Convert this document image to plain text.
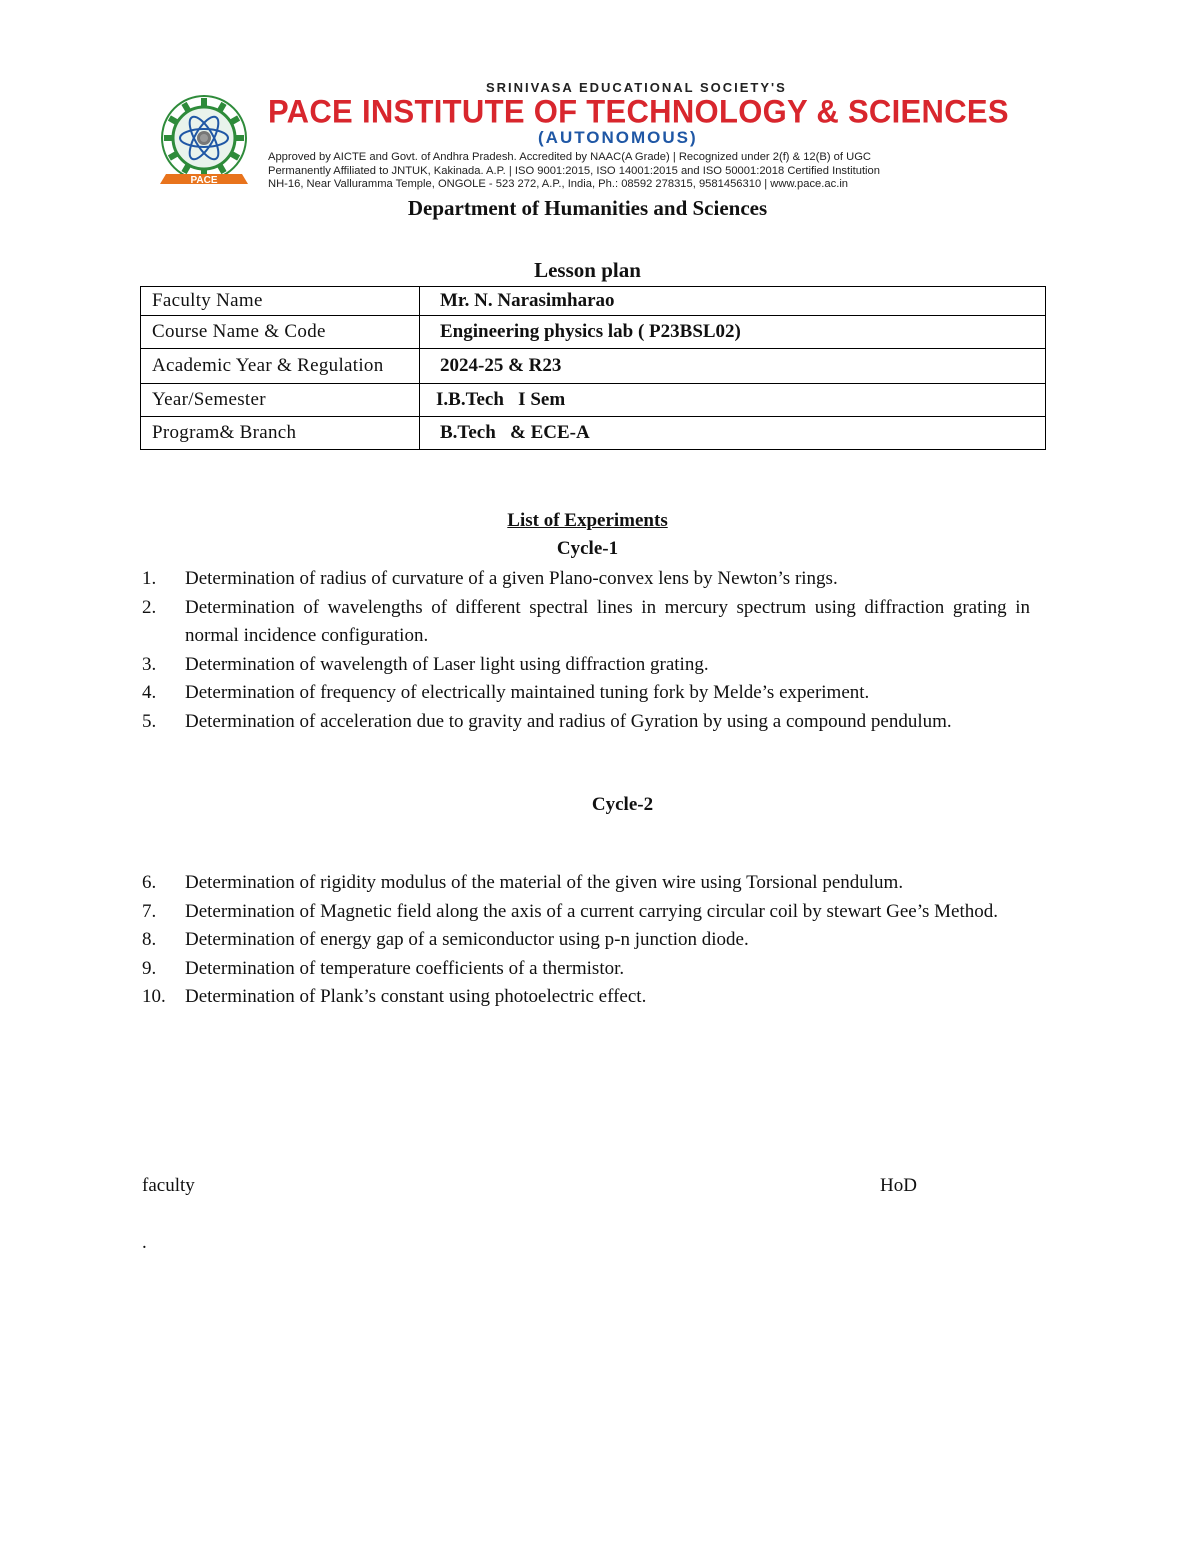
PACE
SRINIVASA EDUCATIONAL SOCIETY'S
PACE INSTITUTE OF TECHNOLOGY & SCIENCES
(AUTONOMOUS)
Approved by AICTE and Govt. of Andhra Pradesh. Accredited by NAAC(A Grade) | Recognized under 2(f) & 12(B) of UGC
Permanently Affiliated to JNTUK, Kakinada. A.P. | ISO 9001:2015, ISO 14001:2015 and ISO 50001:2018 Certified Institution
NH-16, Near Valluramma Temple, ONGOLE - 523 272, A.P., India, Ph.: 08592 278315, 9581456310 | www.pace.ac.in
Department of Humanities and Sciences
Lesson plan
Faculty Name	Mr. N. Narasimharao
Course Name & Code	Engineering physics lab ( P23BSL02)
Academic Year & Regulation	2024-25 & R23
Year/Semester	I.B.Tech   I Sem
Program& Branch	B.Tech   & ECE-A
List of Experiments
Cycle-1
1. Determination of radius of curvature of a given Plano-convex lens by Newton’s rings.
2. Determination of wavelengths of different spectral lines in mercury spectrum using diffraction grating in normal incidence configuration.
3. Determination of wavelength of Laser light using diffraction grating.
4. Determination of frequency of electrically maintained tuning fork by Melde’s experiment.
5. Determination of acceleration due to gravity and radius of Gyration by using a compound pendulum.
Cycle-2
6. Determination of rigidity modulus of the material of the given wire using Torsional pendulum.
7. Determination of Magnetic field along the axis of a current carrying circular coil by stewart Gee’s Method.
8. Determination of energy gap of a semiconductor using p-n junction diode.
9. Determination of temperature coefficients of a thermistor.
10. Determination of Plank’s constant using photoelectric effect.
faculty	HoD
.
